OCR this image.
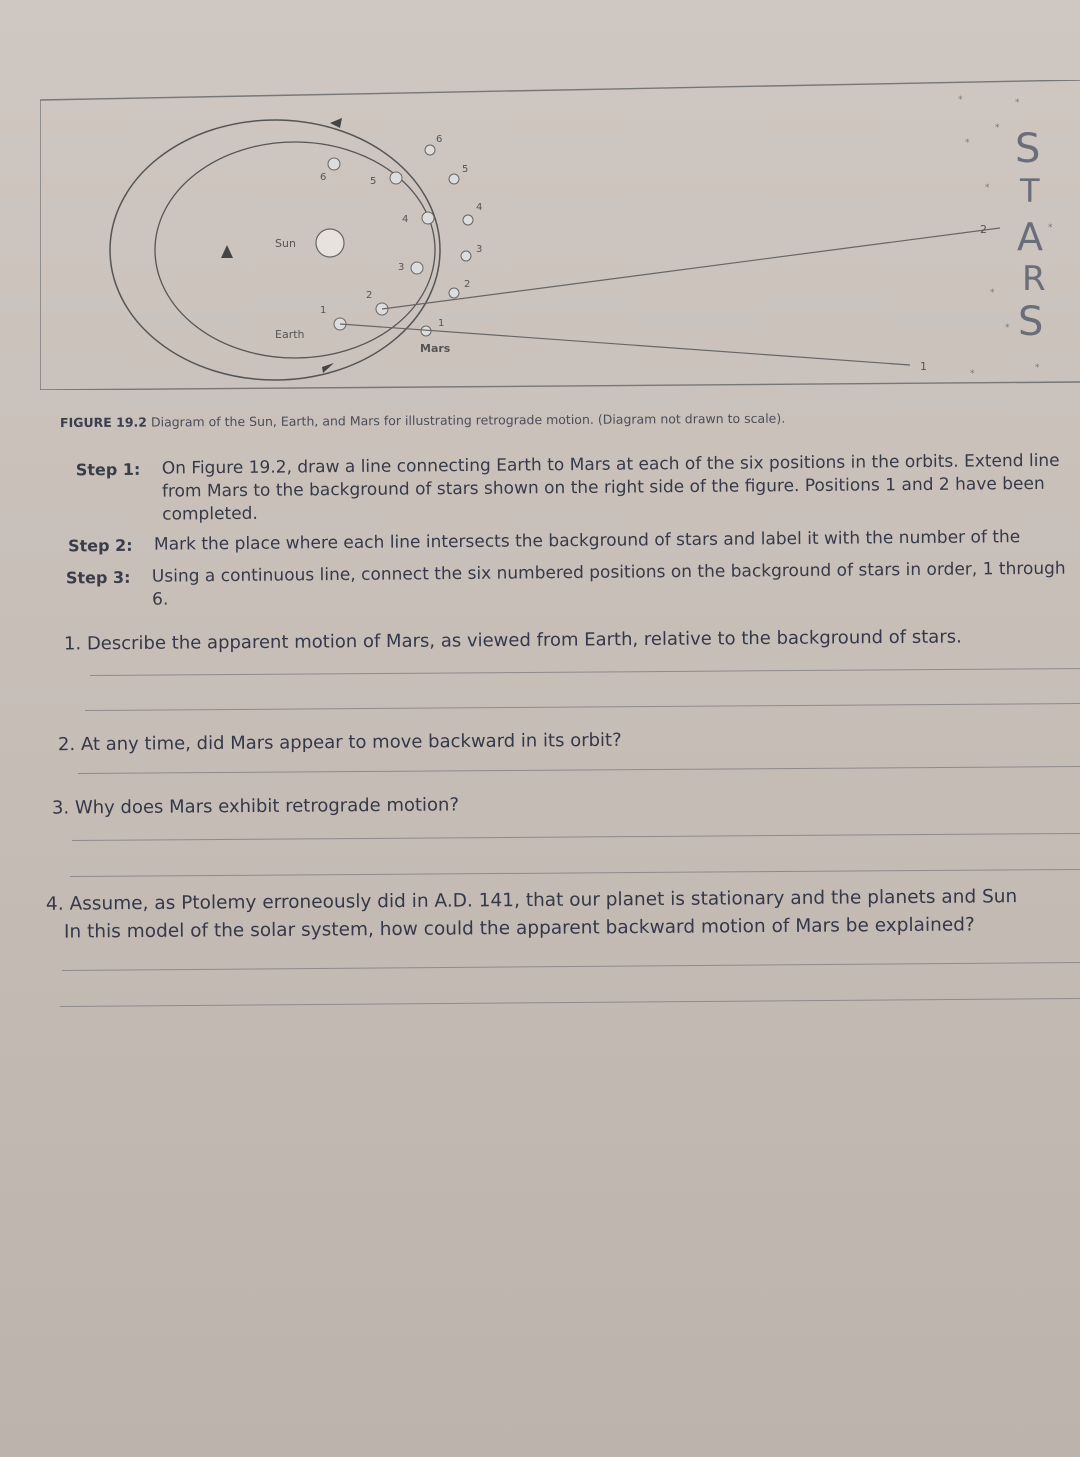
Sun
1
2
3
4
5
6
1
2
3
4
5
6
Earth
Mars
1
2
*	*
*
*
*
*
*
*
*
*
S
T
A
R
S
FIGURE 19.2 Diagram of the Sun, Earth, and Mars for illustrating retrograde motion. (Diagram not drawn to scale).
Step 1: On Figure 19.2, draw a line connecting Earth to Mars at each of the six positions in the orbits. Extend line from Mars to the background of stars shown on the right side of the figure. Positions 1 and 2 have been completed.
Step 2: Mark the place where each line intersects the background of stars and label it with the number of the
Step 3: Using a continuous line, connect the six numbered positions on the background of stars in order, 1 through 6.
1. Describe the apparent motion of Mars, as viewed from Earth, relative to the background of stars.
2. At any time, did Mars appear to move backward in its orbit?
3. Why does Mars exhibit retrograde motion?
4. Assume, as Ptolemy erroneously did in A.D. 141, that our planet is stationary and the planets and Sun
In this model of the solar system, how could the apparent backward motion of Mars be explained?
